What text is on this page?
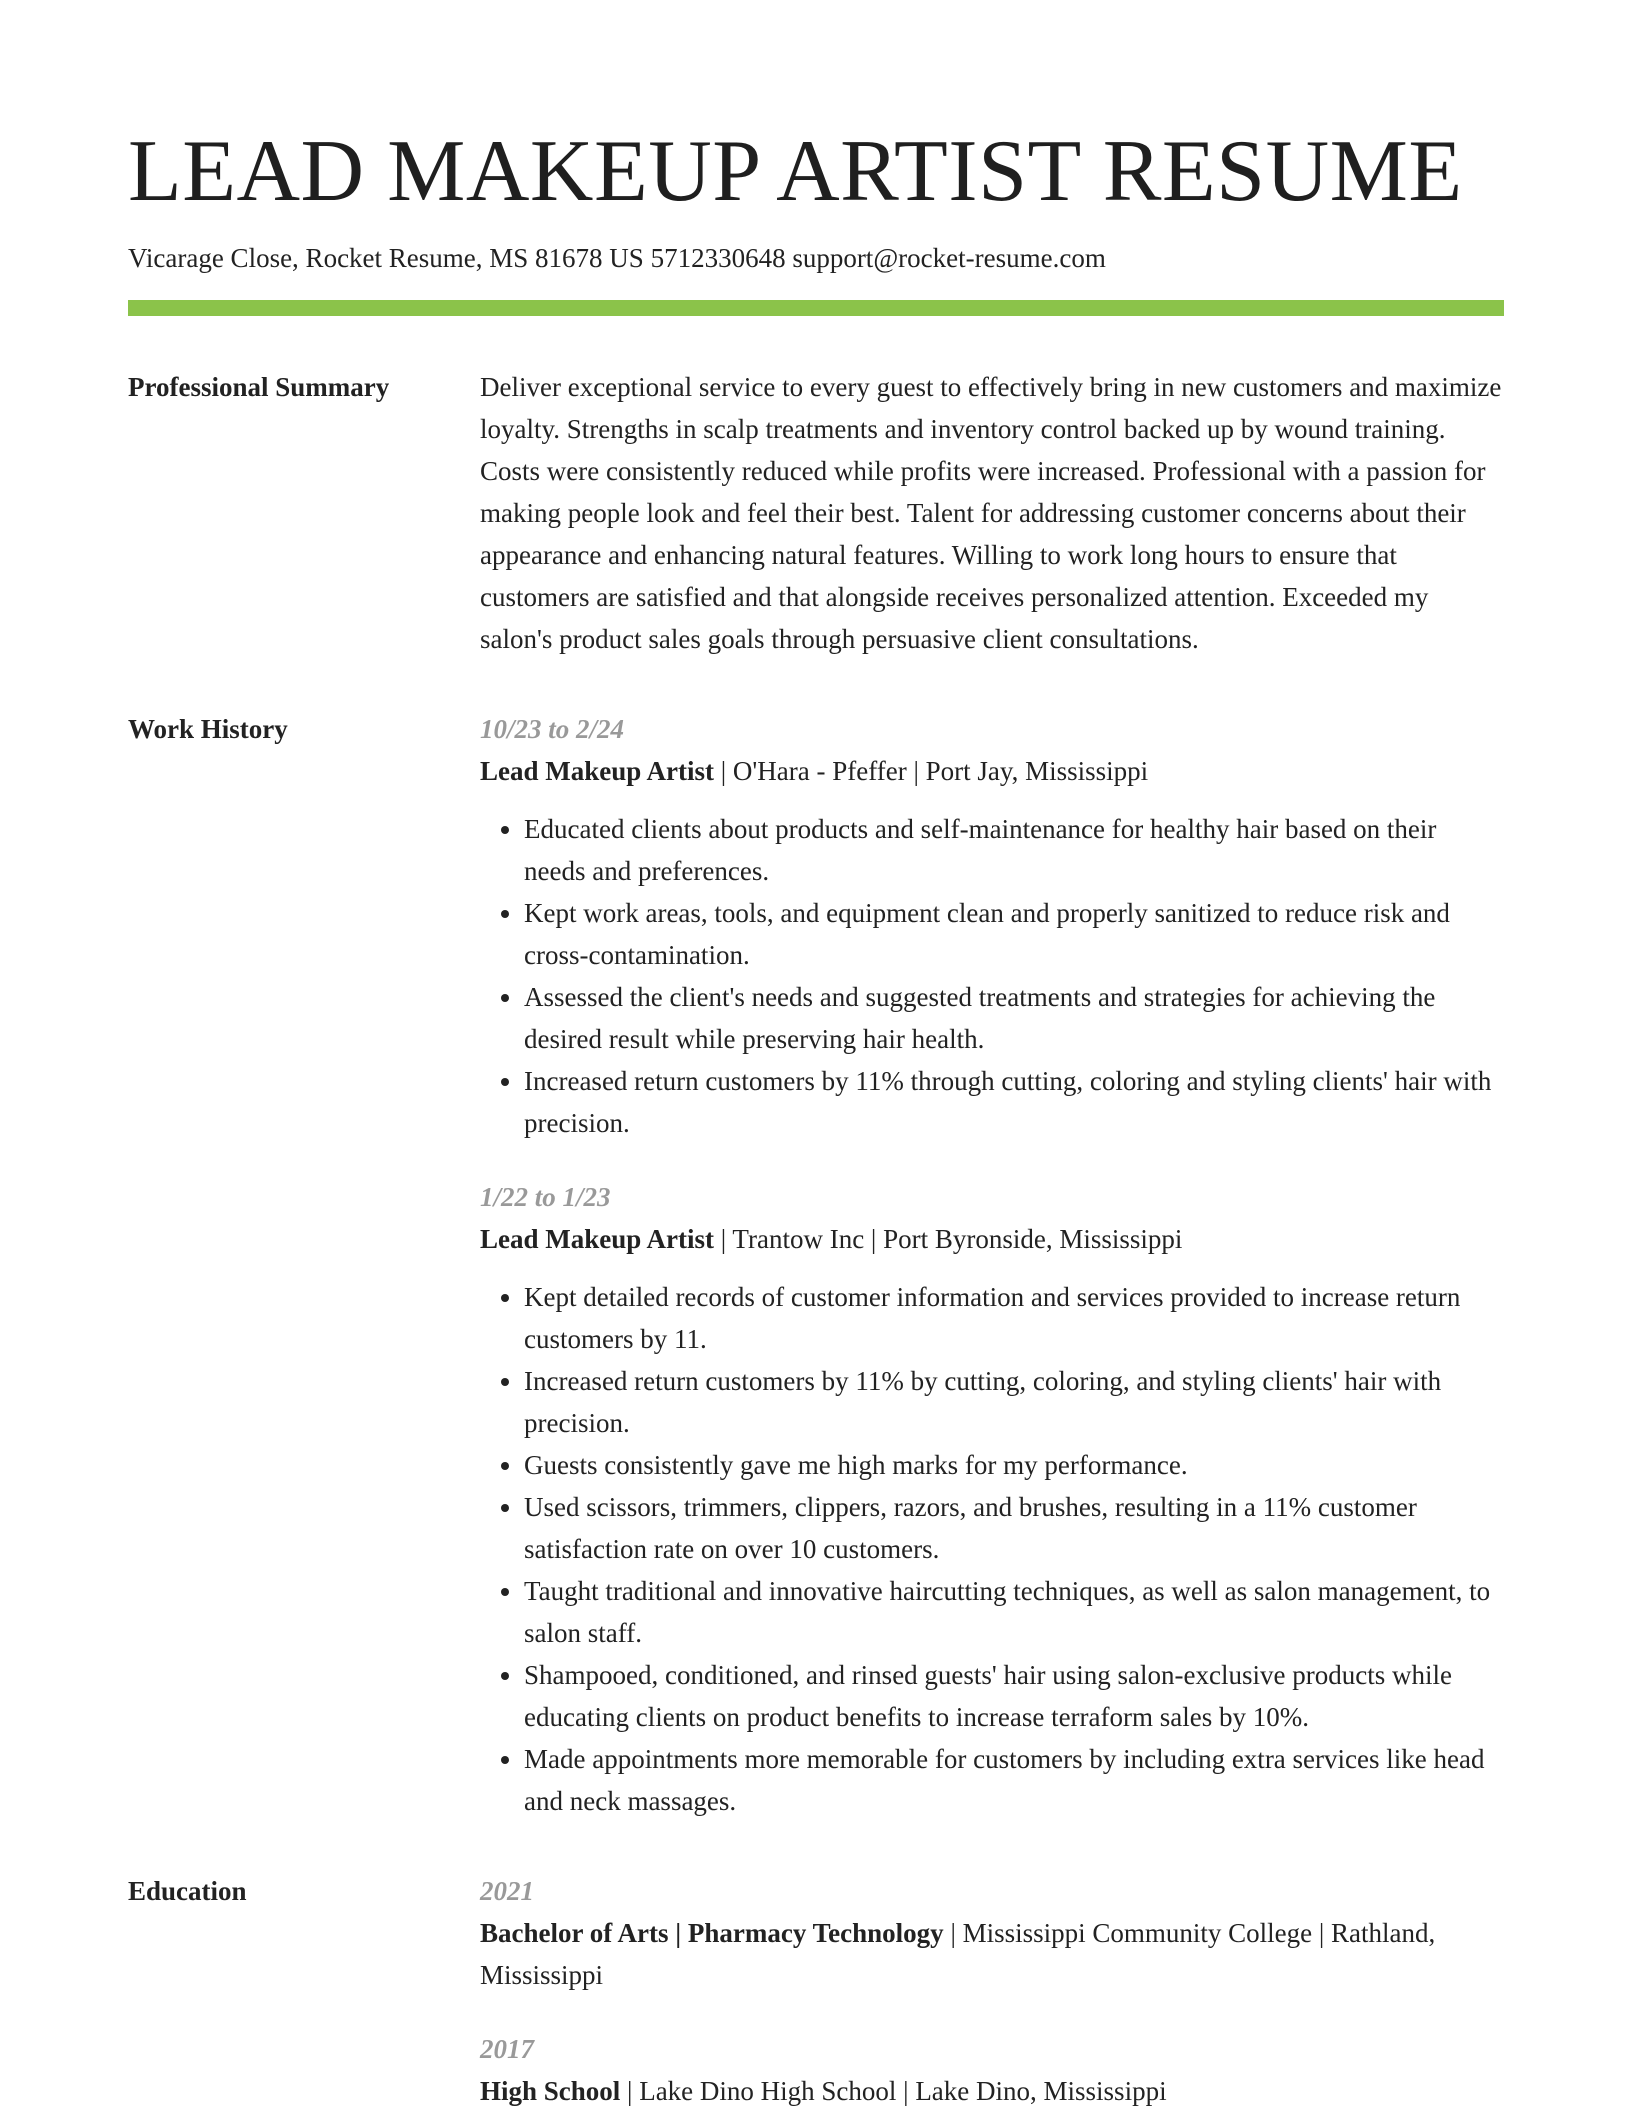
LEAD MAKEUP ARTIST RESUME
Vicarage Close, Rocket Resume, MS 81678 US 5712330648 support@rocket-resume.com
Professional Summary	Deliver exceptional service to every guest to effectively bring in new customers and maximize loyalty. Strengths in scalp treatments and inventory control backed up by wound training. Costs were consistently reduced while profits were increased. Professional with a passion for making people look and feel their best. Talent for addressing customer concerns about their appearance and enhancing natural features. Willing to work long hours to ensure that customers are satisfied and that alongside receives personalized attention. Exceeded my salon's product sales goals through persuasive client consultations.

Work History	10/23 to 2/24
Lead Makeup Artist | O'Hara - Pfeffer | Port Jay, Mississippi
• Educated clients about products and self-maintenance for healthy hair based on their needs and preferences.
• Kept work areas, tools, and equipment clean and properly sanitized to reduce risk and cross-contamination.
• Assessed the client's needs and suggested treatments and strategies for achieving the desired result while preserving hair health.
• Increased return customers by 11% through cutting, coloring and styling clients' hair with precision.
1/22 to 1/23
Lead Makeup Artist | Trantow Inc | Port Byronside, Mississippi
• Kept detailed records of customer information and services provided to increase return customers by 11.
• Increased return customers by 11% by cutting, coloring, and styling clients' hair with precision.
• Guests consistently gave me high marks for my performance.
• Used scissors, trimmers, clippers, razors, and brushes, resulting in a 11% customer satisfaction rate on over 10 customers.
• Taught traditional and innovative haircutting techniques, as well as salon management, to salon staff.
• Shampooed, conditioned, and rinsed guests' hair using salon-exclusive products while educating clients on product benefits to increase terraform sales by 10%.
• Made appointments more memorable for customers by including extra services like head and neck massages.
Education	2021
Bachelor of Arts | Pharmacy Technology | Mississippi Community College | Rathland, Mississippi
2017
High School | Lake Dino High School | Lake Dino, Mississippi
